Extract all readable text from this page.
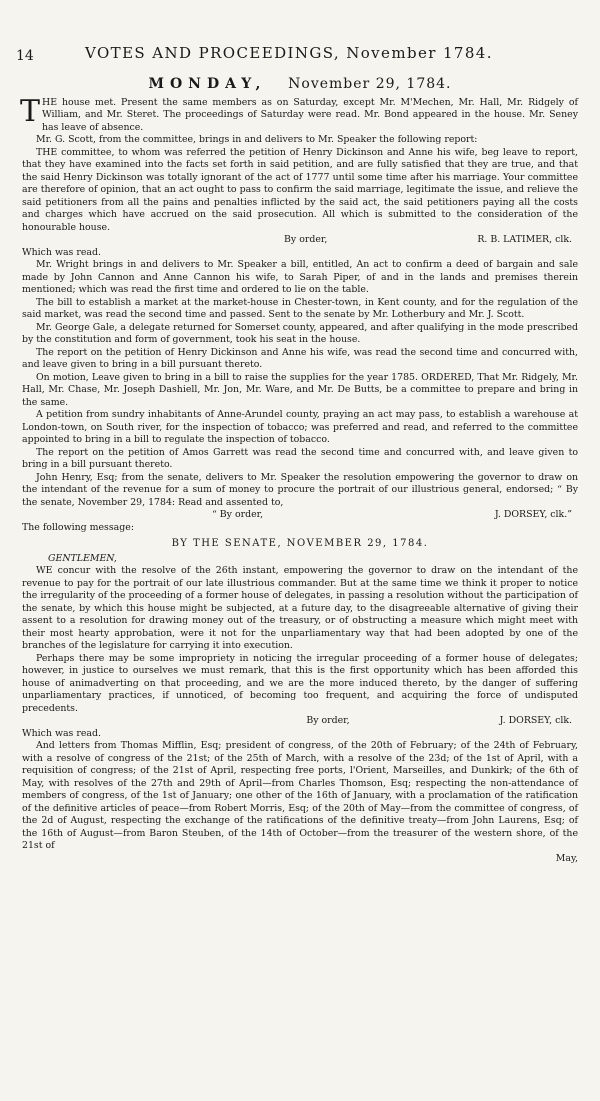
14	VOTES AND PROCEEDINGS, November 1784.
MONDAY, November 29, 1784.

THE house met. Present the same members as on Saturday, except Mr. M'Mechen, Mr. Hall, Mr. Ridgely of William, and Mr. Steret. The proceedings of Saturday were read. Mr. Bond appeared in the house. Mr. Seney has leave of absence.

Mr. G. Scott, from the committee, brings in and delivers to Mr. Speaker the following report:

THE committee, to whom was referred the petition of Henry Dickinson and Anne his wife, beg leave to report, that they have examined into the facts set forth in said petition, and are fully satisfied that they are true, and that the said Henry Dickinson was totally ignorant of the act of 1777 until some time after his marriage. Your committee are therefore of opinion, that an act ought to pass to confirm the said marriage, legitimate the issue, and relieve the said petitioners from all the pains and penalties inflicted by the said act, the said petitioners paying all the costs and charges which have accrued on the said prosecution. All which is submitted to the consideration of the honourable house.

By order,	R. B. LATIMER, clk.

Which was read.

Mr. Wright brings in and delivers to Mr. Speaker a bill, entitled, An act to confirm a deed of bargain and sale made by John Cannon and Anne Cannon his wife, to Sarah Piper, of and in the lands and premises therein mentioned; which was read the first time and ordered to lie on the table.

The bill to establish a market at the market-house in Chester-town, in Kent county, and for the regulation of the said market, was read the second time and passed. Sent to the senate by Mr. Lotherbury and Mr. J. Scott.

Mr. George Gale, a delegate returned for Somerset county, appeared, and after qualifying in the mode prescribed by the constitution and form of government, took his seat in the house.

The report on the petition of Henry Dickinson and Anne his wife, was read the second time and concurred with, and leave given to bring in a bill pursuant thereto.

On motion, Leave given to bring in a bill to raise the supplies for the year 1785. ORDERED, That Mr. Ridgely, Mr. Hall, Mr. Chase, Mr. Joseph Dashiell, Mr. Jon, Mr. Ware, and Mr. De Butts, be a committee to prepare and bring in the same.

A petition from sundry inhabitants of Anne-Arundel county, praying an act may pass, to establish a warehouse at London-town, on South river, for the inspection of tobacco; was preferred and read, and referred to the committee appointed to bring in a bill to regulate the inspection of tobacco.

The report on the petition of Amos Garrett was read the second time and concurred with, and leave given to bring in a bill pursuant thereto.

John Henry, Esq; from the senate, delivers to Mr. Speaker the resolution empowering the governor to draw on the intendant of the revenue for a sum of money to procure the portrait of our illustrious general, endorsed; “ By the senate, November 29, 1784: Read and assented to,

“ By order,	J. DORSEY, clk.”

The following message:

BY THE SENATE, NOVEMBER 29, 1784.
GENTLEMEN,

WE concur with the resolve of the 26th instant, empowering the governor to draw on the intendant of the revenue to pay for the portrait of our late illustrious commander. But at the same time we think it proper to notice the irregularity of the proceeding of a former house of delegates, in passing a resolution without the participation of the senate, by which this house might be subjected, at a future day, to the disagreeable alternative of giving their assent to a resolution for drawing money out of the treasury, or of obstructing a measure which might meet with their most hearty approbation, were it not for the unparliamentary way that had been adopted by one of the branches of the legislature for carrying it into execution.

Perhaps there may be some impropriety in noticing the irregular proceeding of a former house of delegates; however, in justice to ourselves we must remark, that this is the first opportunity which has been afforded this house of animadverting on that proceeding, and we are the more induced thereto, by the danger of suffering unparliamentary practices, if unnoticed, of becoming too frequent, and acquiring the force of undisputed precedents.

By order,	J. DORSEY, clk.

Which was read.

And letters from Thomas Mifflin, Esq; president of congress, of the 20th of February; of the 24th of February, with a resolve of congress of the 21st; of the 25th of March, with a resolve of the 23d; of the 1st of April, with a requisition of congress; of the 21st of April, respecting free ports, l'Orient, Marseilles, and Dunkirk; of the 6th of May, with resolves of the 27th and 29th of April—from Charles Thomson, Esq; respecting the non-attendance of members of congress, of the 1st of January; one other of the 16th of January, with a proclamation of the ratification of the definitive articles of peace—from Robert Morris, Esq; of the 20th of May—from the committee of congress, of the 2d of August, respecting the exchange of the ratifications of the definitive treaty—from John Laurens, Esq; of the 16th of August—from Baron Steuben, of the 14th of October—from the treasurer of the western shore, of the 21st of

May,
